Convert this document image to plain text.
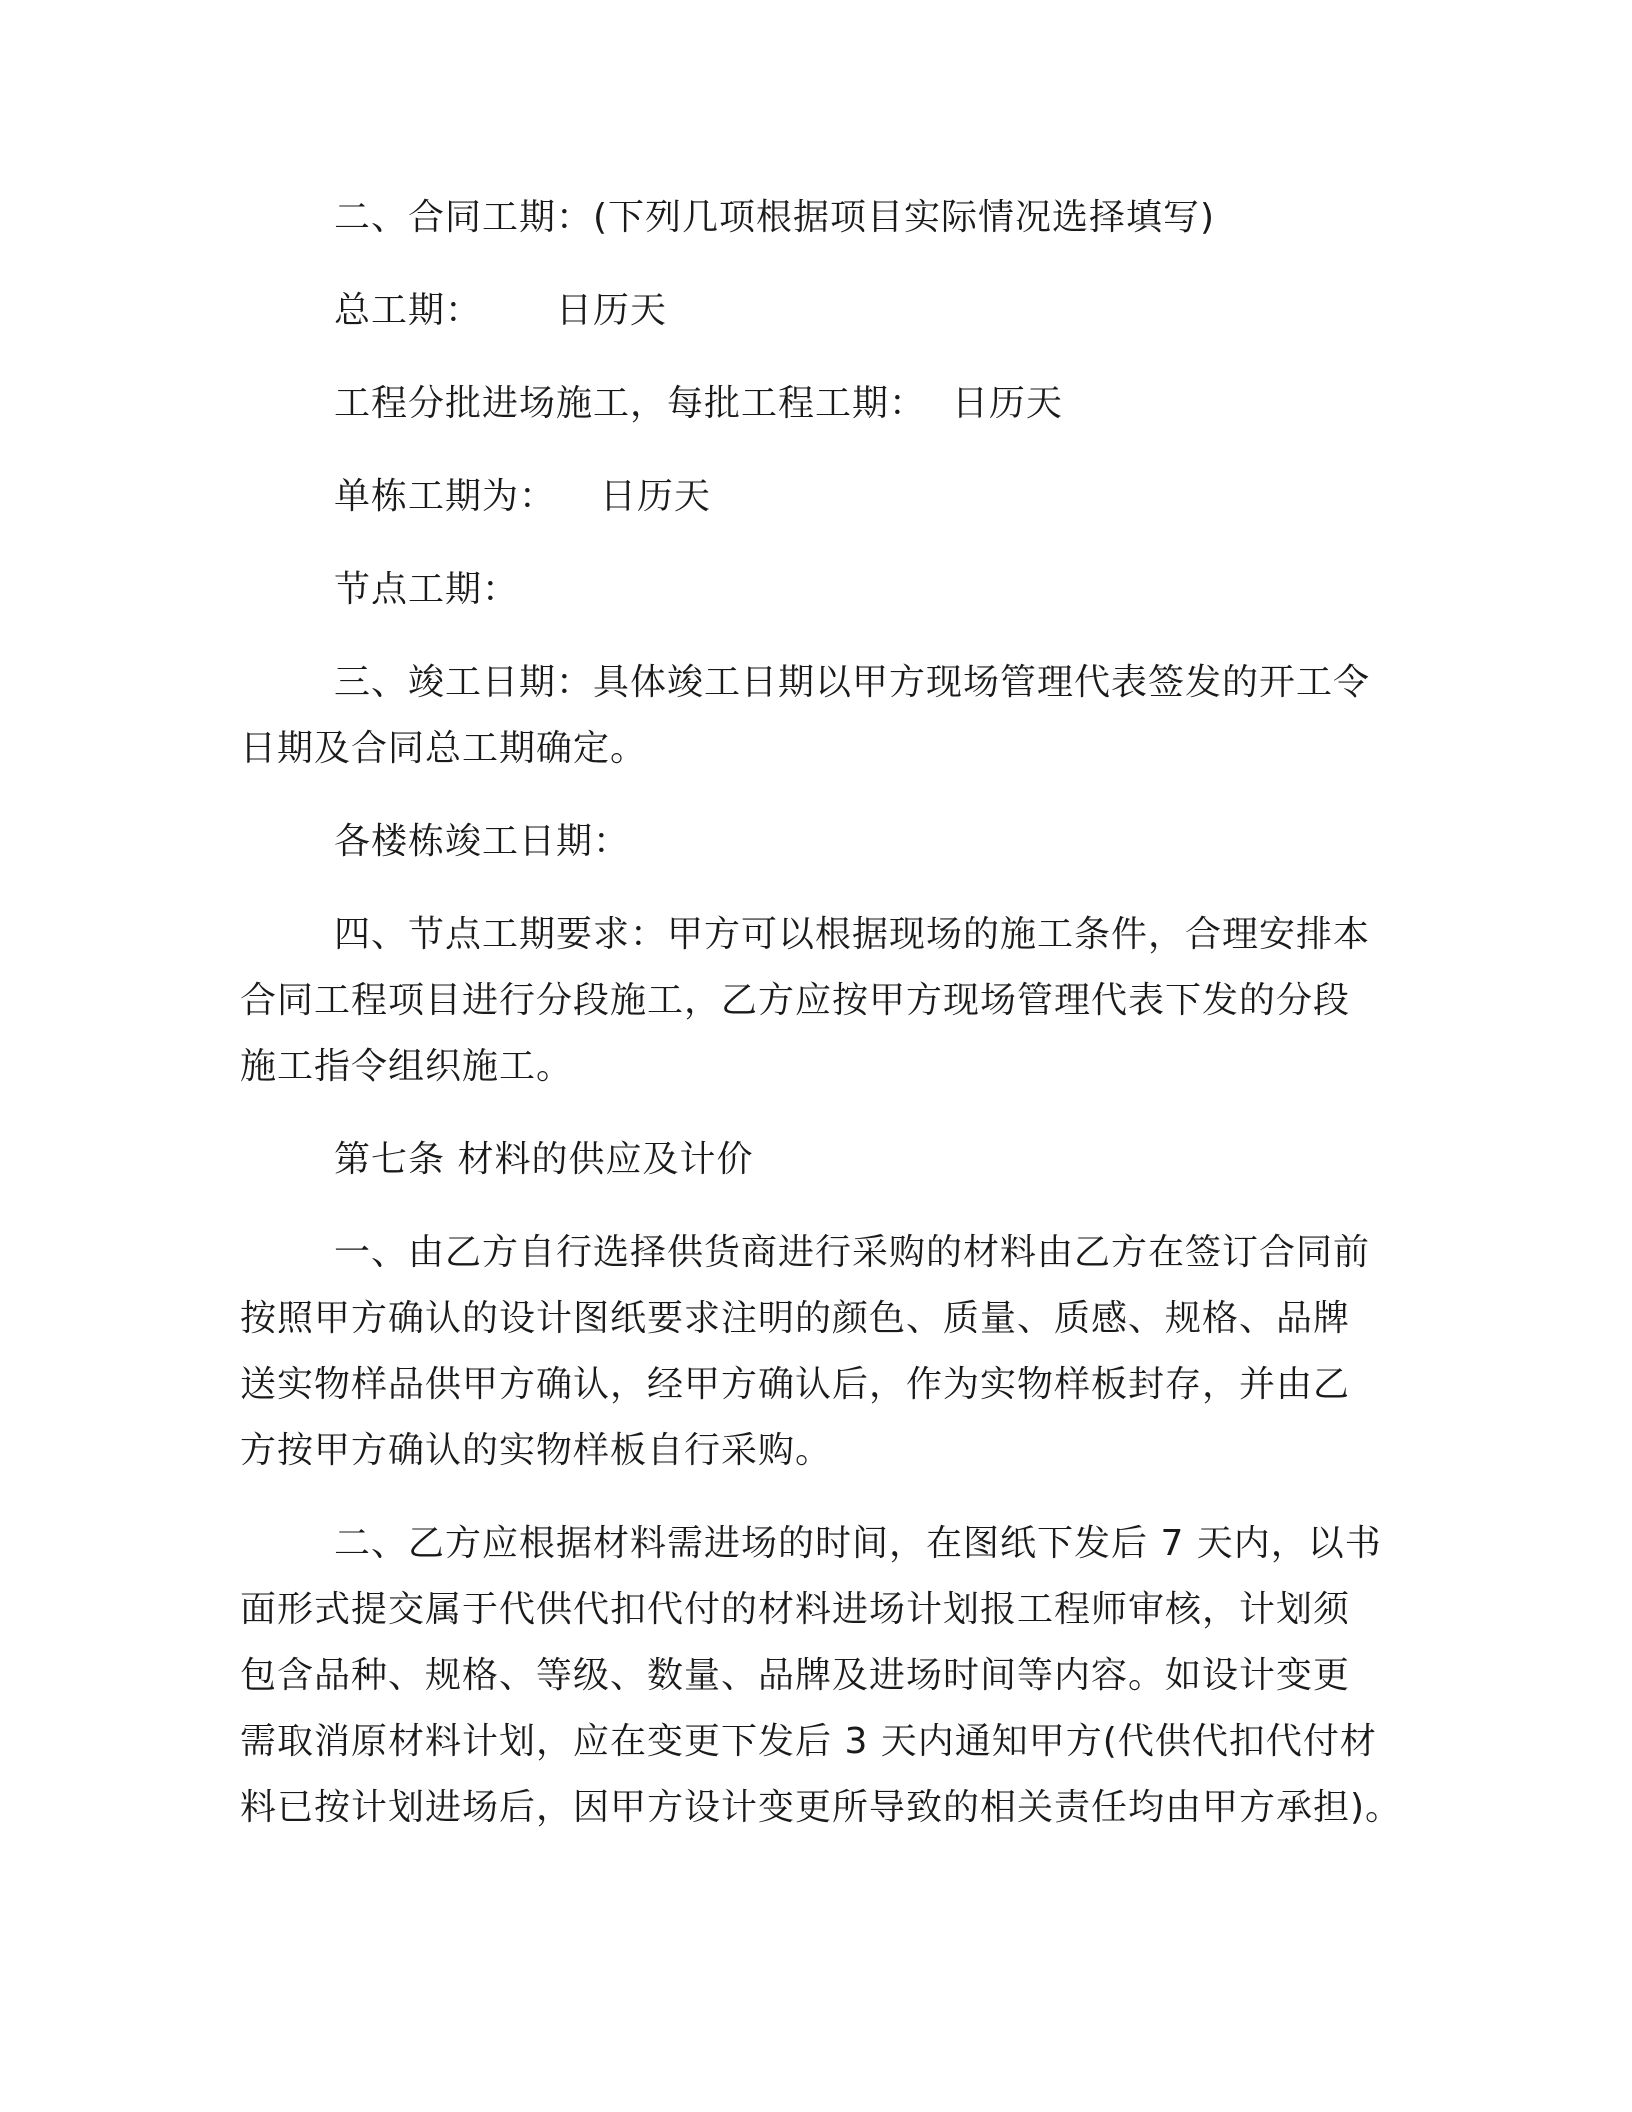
二、合同工期：(下列几项根据项目实际情况选择填写)
总工期： 日历天
工程分批进场施工，每批工程工期： 日历天
单栋工期为： 日历天
节点工期：
三、竣工日期：具体竣工日期以甲方现场管理代表签发的开工令
日期及合同总工期确定。
各楼栋竣工日期：
四、节点工期要求：甲方可以根据现场的施工条件，合理安排本
合同工程项目进行分段施工，乙方应按甲方现场管理代表下发的分段
施工指令组织施工。
第七条 材料的供应及计价
一、由乙方自行选择供货商进行采购的材料由乙方在签订合同前
按照甲方确认的设计图纸要求注明的颜色、质量、质感、规格、品牌
送实物样品供甲方确认，经甲方确认后，作为实物样板封存，并由乙
方按甲方确认的实物样板自行采购。
二、乙方应根据材料需进场的时间，在图纸下发后 7 天内，以书
面形式提交属于代供代扣代付的材料进场计划报工程师审核，计划须
包含品种、规格、等级、数量、品牌及进场时间等内容。如设计变更
需取消原材料计划，应在变更下发后 3 天内通知甲方(代供代扣代付材
料已按计划进场后，因甲方设计变更所导致的相关责任均由甲方承担)。
